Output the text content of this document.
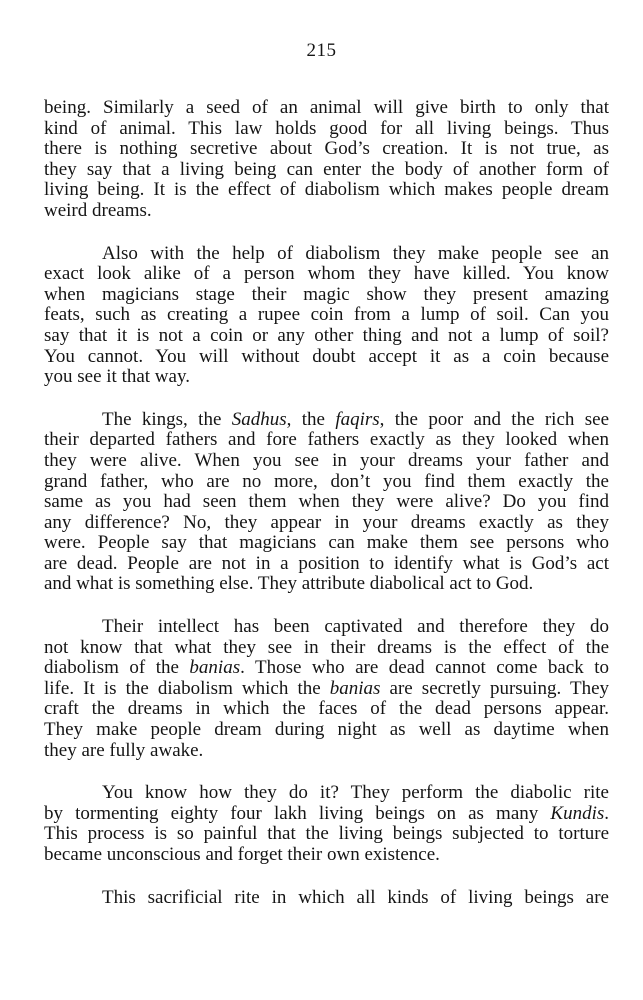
215
being. Similarly a seed of an animal will give birth to only that
kind of animal. This law holds good for all living beings. Thus
there is nothing secretive about God’s creation. It is not true, as
they say that a living being can enter the body of another form of
living being. It is the effect of diabolism which makes people dream
weird dreams.
Also with the help of diabolism they make people see an
exact look alike of a person whom they have killed. You know
when magicians stage their magic show they present amazing
feats, such as creating a rupee coin from a lump of soil. Can you
say that it is not a coin or any other thing and not a lump of soil?
You cannot. You will without doubt accept it as a coin because
you see it that way.
The kings, the Sadhus, the faqirs, the poor and the rich see
their departed fathers and fore fathers exactly as they looked when
they were alive. When you see in your dreams your father and
grand father, who are no more, don’t you find them exactly the
same as you had seen them when they were alive? Do you find
any difference? No, they appear in your dreams exactly as they
were. People say that magicians can make them see persons who
are dead. People are not in a position to identify what is God’s act
and what is something else. They attribute diabolical act to God.
Their intellect has been captivated and therefore they do
not know that what they see in their dreams is the effect of the
diabolism of the banias. Those who are dead cannot come back to
life. It is the diabolism which the banias are secretly pursuing. They
craft the dreams in which the faces of the dead persons appear.
They make people dream during night as well as daytime when
they are fully awake.
You know how they do it? They perform the diabolic rite
by tormenting eighty four lakh living beings on as many Kundis.
This process is so painful that the living beings subjected to torture
became unconscious and forget their own existence.
This sacrificial rite in which all kinds of living beings are
